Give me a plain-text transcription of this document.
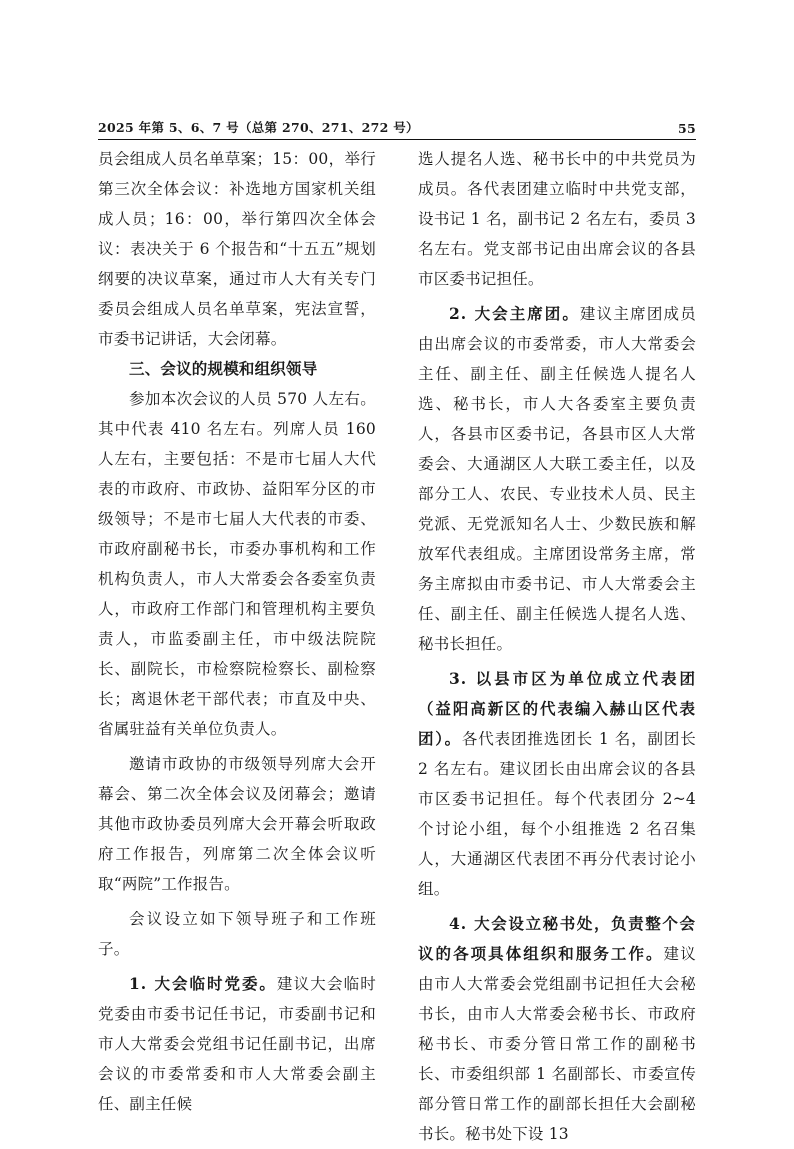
2025 年第 5、6、7 号（总第 270、271、272 号）	55

员会组成人员名单草案；15：00，举行第三次全体会议：补选地方国家机关组成人员；16：00，举行第四次全体会议：表决关于 6 个报告和“十五五”规划纲要的决议草案，通过市人大有关专门委员会组成人员名单草案，宪法宣誓，市委书记讲话，大会闭幕。

三、会议的规模和组织领导

参加本次会议的人员 570 人左右。其中代表 410 名左右。列席人员 160 人左右，主要包括：不是市七届人大代表的市政府、市政协、益阳军分区的市级领导；不是市七届人大代表的市委、市政府副秘书长，市委办事机构和工作机构负责人，市人大常委会各委室负责人，市政府工作部门和管理机构主要负责人，市监委副主任，市中级法院院长、副院长，市检察院检察长、副检察长；离退休老干部代表；市直及中央、省属驻益有关单位负责人。

邀请市政协的市级领导列席大会开幕会、第二次全体会议及闭幕会；邀请其他市政协委员列席大会开幕会听取政府工作报告，列席第二次全体会议听取“两院”工作报告。

会议设立如下领导班子和工作班子。

1. 大会临时党委。建议大会临时党委由市委书记任书记，市委副书记和市人大常委会党组书记任副书记，出席会议的市委常委和市人大常委会副主任、副主任候

选人提名人选、秘书长中的中共党员为成员。各代表团建立临时中共党支部，设书记 1 名，副书记 2 名左右，委员 3 名左右。党支部书记由出席会议的各县市区委书记担任。

2. 大会主席团。建议主席团成员由出席会议的市委常委，市人大常委会主任、副主任、副主任候选人提名人选、秘书长，市人大各委室主要负责人，各县市区委书记，各县市区人大常委会、大通湖区人大联工委主任，以及部分工人、农民、专业技术人员、民主党派、无党派知名人士、少数民族和解放军代表组成。主席团设常务主席，常务主席拟由市委书记、市人大常委会主任、副主任、副主任候选人提名人选、秘书长担任。

3. 以县市区为单位成立代表团（益阳高新区的代表编入赫山区代表团）。各代表团推选团长 1 名，副团长 2 名左右。建议团长由出席会议的各县市区委书记担任。每个代表团分 2~4 个讨论小组，每个小组推选 2 名召集人，大通湖区代表团不再分代表讨论小组。

4. 大会设立秘书处，负责整个会议的各项具体组织和服务工作。建议由市人大常委会党组副书记担任大会秘书长，由市人大常委会秘书长、市政府秘书长、市委分管日常工作的副秘书长、市委组织部 1 名副部长、市委宣传部分管日常工作的副部长担任大会副秘书长。秘书处下设 13
